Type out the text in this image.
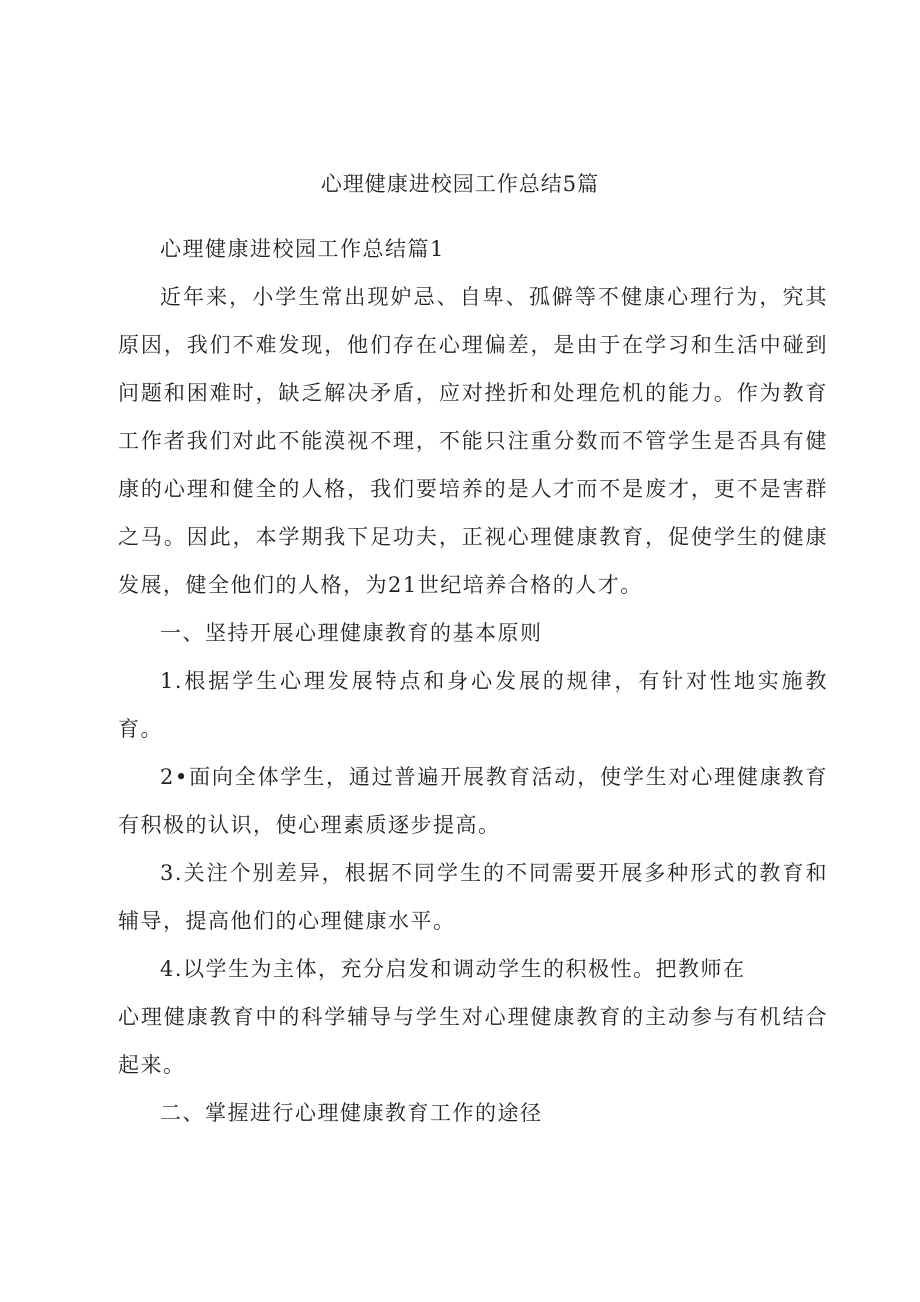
心理健康进校园工作总结5篇

心理健康进校园工作总结篇1

近年来，小学生常出现妒忌、自卑、孤僻等不健康心理行为，究其原因，我们不难发现，他们存在心理偏差，是由于在学习和生活中碰到问题和困难时，缺乏解决矛盾，应对挫折和处理危机的能力。作为教育工作者我们对此不能漠视不理，不能只注重分数而不管学生是否具有健康的心理和健全的人格，我们要培养的是人才而不是废才，更不是害群之马。因此，本学期我下足功夫，正视心理健康教育，促使学生的健康发展，健全他们的人格，为21世纪培养合格的人才。

一、坚持开展心理健康教育的基本原则

1.根据学生心理发展特点和身心发展的规律，有针对性地实施教育。

2•面向全体学生，通过普遍开展教育活动，使学生对心理健康教育有积极的认识，使心理素质逐步提高。

3.关注个别差异，根据不同学生的不同需要开展多种形式的教育和辅导，提高他们的心理健康水平。

4.以学生为主体，充分启发和调动学生的积极性。把教师在

心理健康教育中的科学辅导与学生对心理健康教育的主动参与有机结合起来。

二、掌握进行心理健康教育工作的途径
